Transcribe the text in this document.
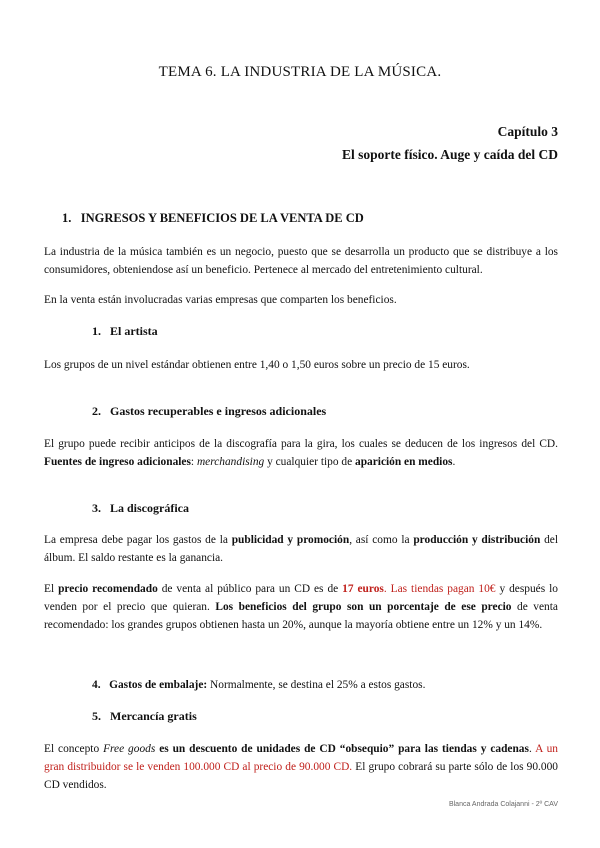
TEMA 6. LA INDUSTRIA DE LA MÚSICA.
Capítulo 3
El soporte físico. Auge y caída del CD
1. INGRESOS Y BENEFICIOS DE LA VENTA DE CD
La industria de la música también es un negocio, puesto que se desarrolla un producto que se distribuye a los consumidores, obteniendose así un beneficio. Pertenece al mercado del entretenimiento cultural.
En la venta están involucradas varias empresas que comparten los beneficios.
1. El artista
Los grupos de un nivel estándar obtienen entre 1,40 o 1,50 euros sobre un precio de 15 euros.
2. Gastos recuperables e ingresos adicionales
El grupo puede recibir anticipos de la discografía para la gira, los cuales se deducen de los ingresos del CD. Fuentes de ingreso adicionales: merchandising y cualquier tipo de aparición en medios.
3. La discográfica
La empresa debe pagar los gastos de la publicidad y promoción, así como la producción y distribución del álbum. El saldo restante es la ganancia.
El precio recomendado de venta al público para un CD es de 17 euros. Las tiendas pagan 10€ y después lo venden por el precio que quieran. Los beneficios del grupo son un porcentaje de ese precio de venta recomendado: los grandes grupos obtienen hasta un 20%, aunque la mayoría obtiene entre un 12% y un 14%.
4. Gastos de embalaje: Normalmente, se destina el 25% a estos gastos.
5. Mercancía gratis
El concepto Free goods es un descuento de unidades de CD “obsequio” para las tiendas y cadenas. A un gran distribuidor se le venden 100.000 CD al precio de 90.000 CD. El grupo cobrará su parte sólo de los 90.000 CD vendidos.
Blanca Andrada Colajanni - 2º CAV
